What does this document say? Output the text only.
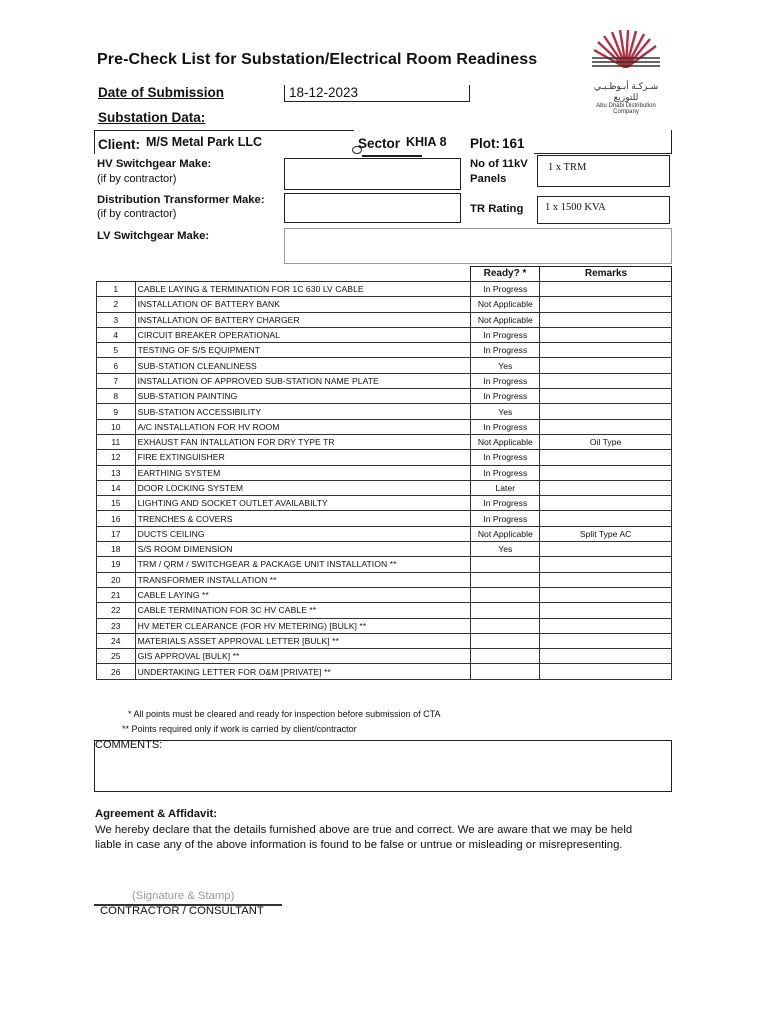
Pre-Check List for Substation/Electrical Room Readiness
شـركـة أبـوظـبـي للتوزيع
Abu Dhabi Distribution Company
Date of Submission	18-12-2023
Substation Data:
Client: M/S Metal Park LLC	Sector KHIA 8 Plot: 161
HV Switchgear Make:
(if by contractor)
No of 11kV
Panels
1 x TRM
Distribution Transformer Make:
(if by contractor)	TR Rating 1 x 1500 KVA
LV Switchgear Make:
Ready? *	Remarks
1	CABLE LAYING & TERMINATION FOR 1C 630 LV CABLE	In Progress	
2	INSTALLATION OF BATTERY BANK	Not Applicable	
3	INSTALLATION OF BATTERY CHARGER	Not Applicable	
4	CIRCUIT BREAKER OPERATIONAL	In Progress	
5	TESTING OF S/S EQUIPMENT	In Progress	
6	SUB-STATION CLEANLINESS	Yes	
7	INSTALLATION OF APPROVED SUB-STATION NAME PLATE	In Progress	
8	SUB-STATION PAINTING	In Progress	
9	SUB-STATION ACCESSIBILITY	Yes	
10	A/C INSTALLATION FOR HV ROOM	In Progress	
11	EXHAUST FAN INTALLATION FOR DRY TYPE TR	Not Applicable	Oil Type
12	FIRE EXTINGUISHER	In Progress	
13	EARTHING SYSTEM	In Progress	
14	DOOR LOCKING SYSTEM	Later	
15	LIGHTING AND SOCKET OUTLET AVAILABILTY	In Progress	
16	TRENCHES & COVERS	In Progress	
17	DUCTS CEILING	Not Applicable	Split Type AC
18	S/S ROOM DIMENSION	Yes	
19	TRM / QRM / SWITCHGEAR & PACKAGE UNIT INSTALLATION **		
20	TRANSFORMER INSTALLATION **		
21	CABLE LAYING **		
22	CABLE TERMINATION FOR 3C HV CABLE **		
23	HV METER CLEARANCE (FOR HV METERING) [BULK] **		
24	MATERIALS ASSET APPROVAL LETTER [BULK] **		
25	GIS APPROVAL [BULK] **		
26	UNDERTAKING LETTER FOR O&M [PRIVATE] **		
* All points must be cleared and ready for inspection before submission of CTA
** Points required only if work is carried by client/contractor
COMMENTS:
Agreement & Affidavit:
We hereby declare that the details furnished above are true and correct. We are aware that we may be held
liable in case any of the above information is found to be false or untrue or misleading or misrepresenting.
(Signature & Stamp)
CONTRACTOR / CONSULTANT
